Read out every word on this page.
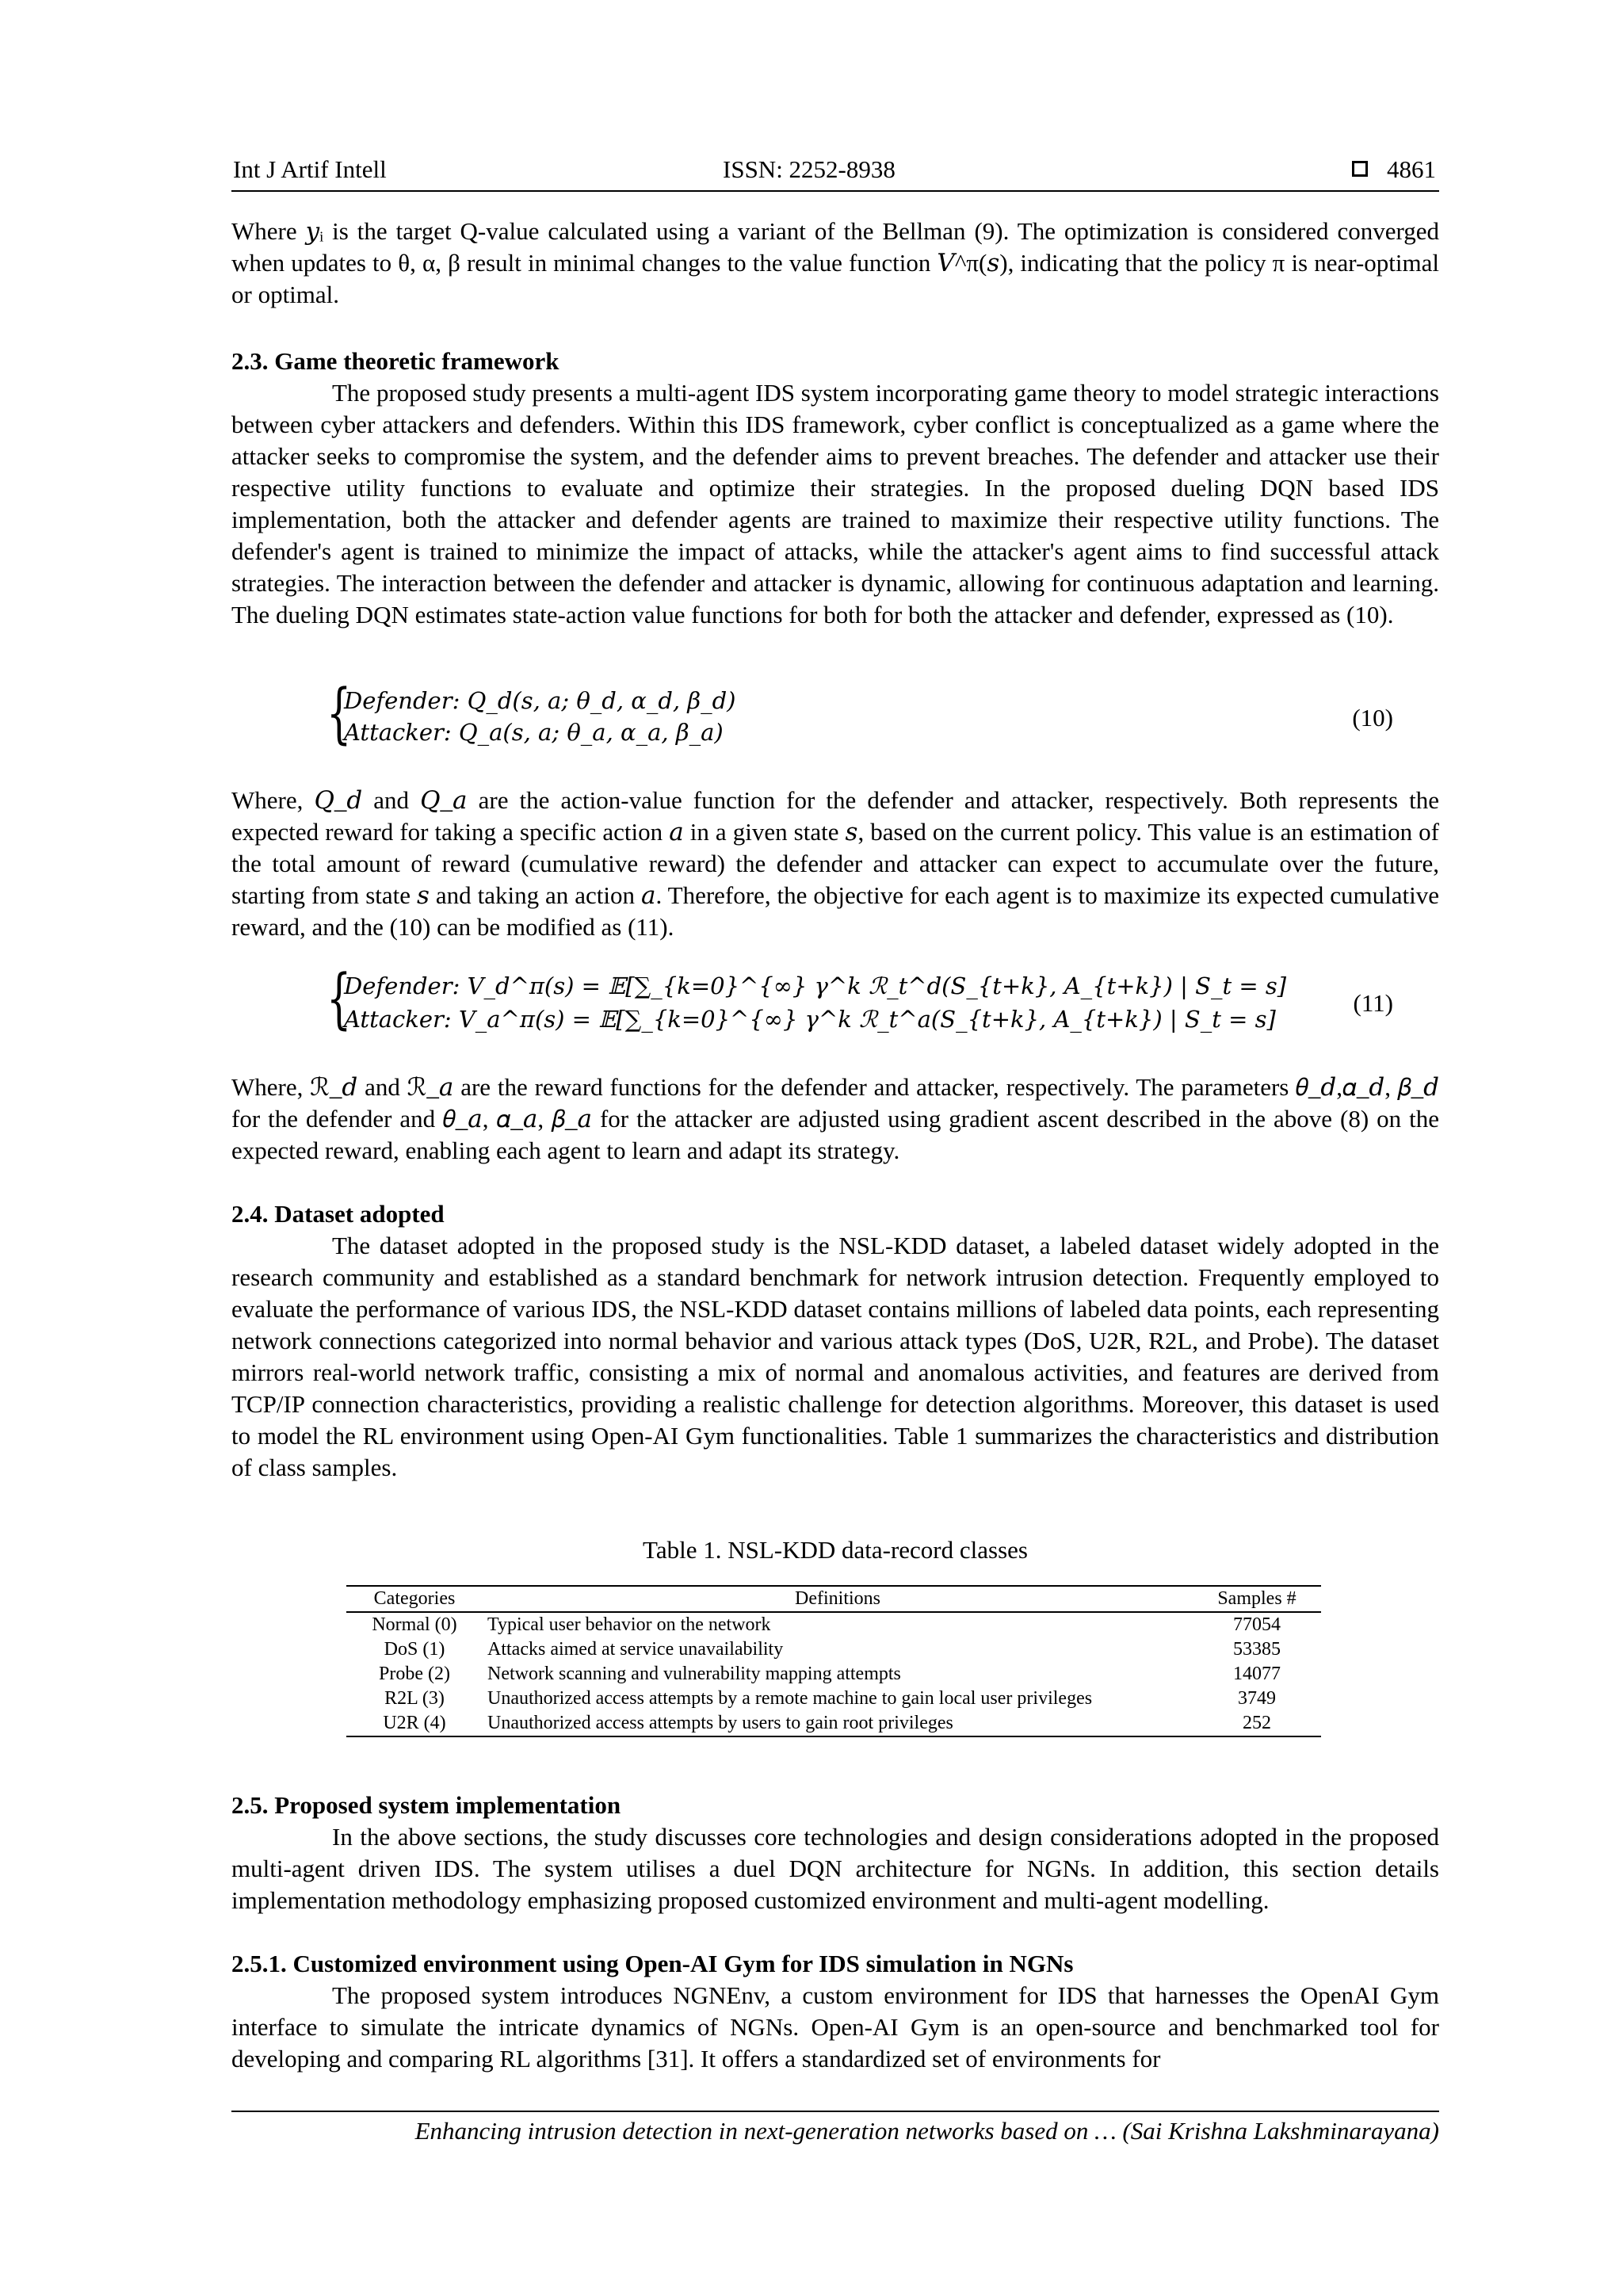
Int J Artif Intell	ISSN: 2252-8938	4861
Where 𝑦ᵢ is the target Q-value calculated using a variant of the Bellman (9). The optimization is considered converged when updates to θ, α, β result in minimal changes to the value function 𝑉^π(𝑠), indicating that the policy π is near-optimal or optimal.
2.3. Game theoretic framework
The proposed study presents a multi-agent IDS system incorporating game theory to model strategic interactions between cyber attackers and defenders. Within this IDS framework, cyber conflict is conceptualized as a game where the attacker seeks to compromise the system, and the defender aims to prevent breaches. The defender and attacker use their respective utility functions to evaluate and optimize their strategies. In the proposed dueling DQN based IDS implementation, both the attacker and defender agents are trained to maximize their respective utility functions. The defender's agent is trained to minimize the impact of attacks, while the attacker's agent aims to find successful attack strategies. The interaction between the defender and attacker is dynamic, allowing for continuous adaptation and learning. The dueling DQN estimates state-action value functions for both for both the attacker and defender, expressed as (10).
{
Defender: Q_d(s, a; θ_d, α_d, β_d)
Attacker: Q_a(s, a; θ_a, α_a, β_a)
(10)
Where, 𝑄_𝑑 and 𝑄_𝑎 are the action-value function for the defender and attacker, respectively. Both represents the expected reward for taking a specific action 𝑎 in a given state 𝑠, based on the current policy. This value is an estimation of the total amount of reward (cumulative reward) the defender and attacker can expect to accumulate over the future, starting from state 𝑠 and taking an action 𝑎. Therefore, the objective for each agent is to maximize its expected cumulative reward, and the (10) can be modified as (11).
{
Defender: V_d^π(s) = 𝔼[∑_{k=0}^{∞} γ^k ℛ_t^d(S_{t+k}, A_{t+k}) | S_t = s]
Attacker: V_a^π(s) = 𝔼[∑_{k=0}^{∞} γ^k ℛ_t^a(S_{t+k}, A_{t+k}) | S_t = s]
(11)
Where, ℛ_𝑑 and ℛ_𝑎 are the reward functions for the defender and attacker, respectively. The parameters 𝜃_𝑑,𝛼_𝑑, 𝛽_𝑑 for the defender and 𝜃_𝑎, 𝛼_𝑎, 𝛽_𝑎 for the attacker are adjusted using gradient ascent described in the above (8) on the expected reward, enabling each agent to learn and adapt its strategy.
2.4. Dataset adopted
The dataset adopted in the proposed study is the NSL-KDD dataset, a labeled dataset widely adopted in the research community and established as a standard benchmark for network intrusion detection. Frequently employed to evaluate the performance of various IDS, the NSL-KDD dataset contains millions of labeled data points, each representing network connections categorized into normal behavior and various attack types (DoS, U2R, R2L, and Probe). The dataset mirrors real-world network traffic, consisting a mix of normal and anomalous activities, and features are derived from TCP/IP connection characteristics, providing a realistic challenge for detection algorithms. Moreover, this dataset is used to model the RL environment using Open-AI Gym functionalities. Table 1 summarizes the characteristics and distribution of class samples.
Table 1. NSL-KDD data-record classes
Categories	Definitions	Samples #
Normal (0)	Typical user behavior on the network	77054
DoS (1)	Attacks aimed at service unavailability	53385
Probe (2)	Network scanning and vulnerability mapping attempts	14077
R2L (3)	Unauthorized access attempts by a remote machine to gain local user privileges	3749
U2R (4)	Unauthorized access attempts by users to gain root privileges	252
2.5. Proposed system implementation
In the above sections, the study discusses core technologies and design considerations adopted in the proposed multi-agent driven IDS. The system utilises a duel DQN architecture for NGNs. In addition, this section details implementation methodology emphasizing proposed customized environment and multi-agent modelling.
2.5.1. Customized environment using Open-AI Gym for IDS simulation in NGNs
The proposed system introduces NGNEnv, a custom environment for IDS that harnesses the OpenAI Gym interface to simulate the intricate dynamics of NGNs. Open-AI Gym is an open-source and benchmarked tool for developing and comparing RL algorithms [31]. It offers a standardized set of environments for
Enhancing intrusion detection in next-generation networks based on … (Sai Krishna Lakshminarayana)
